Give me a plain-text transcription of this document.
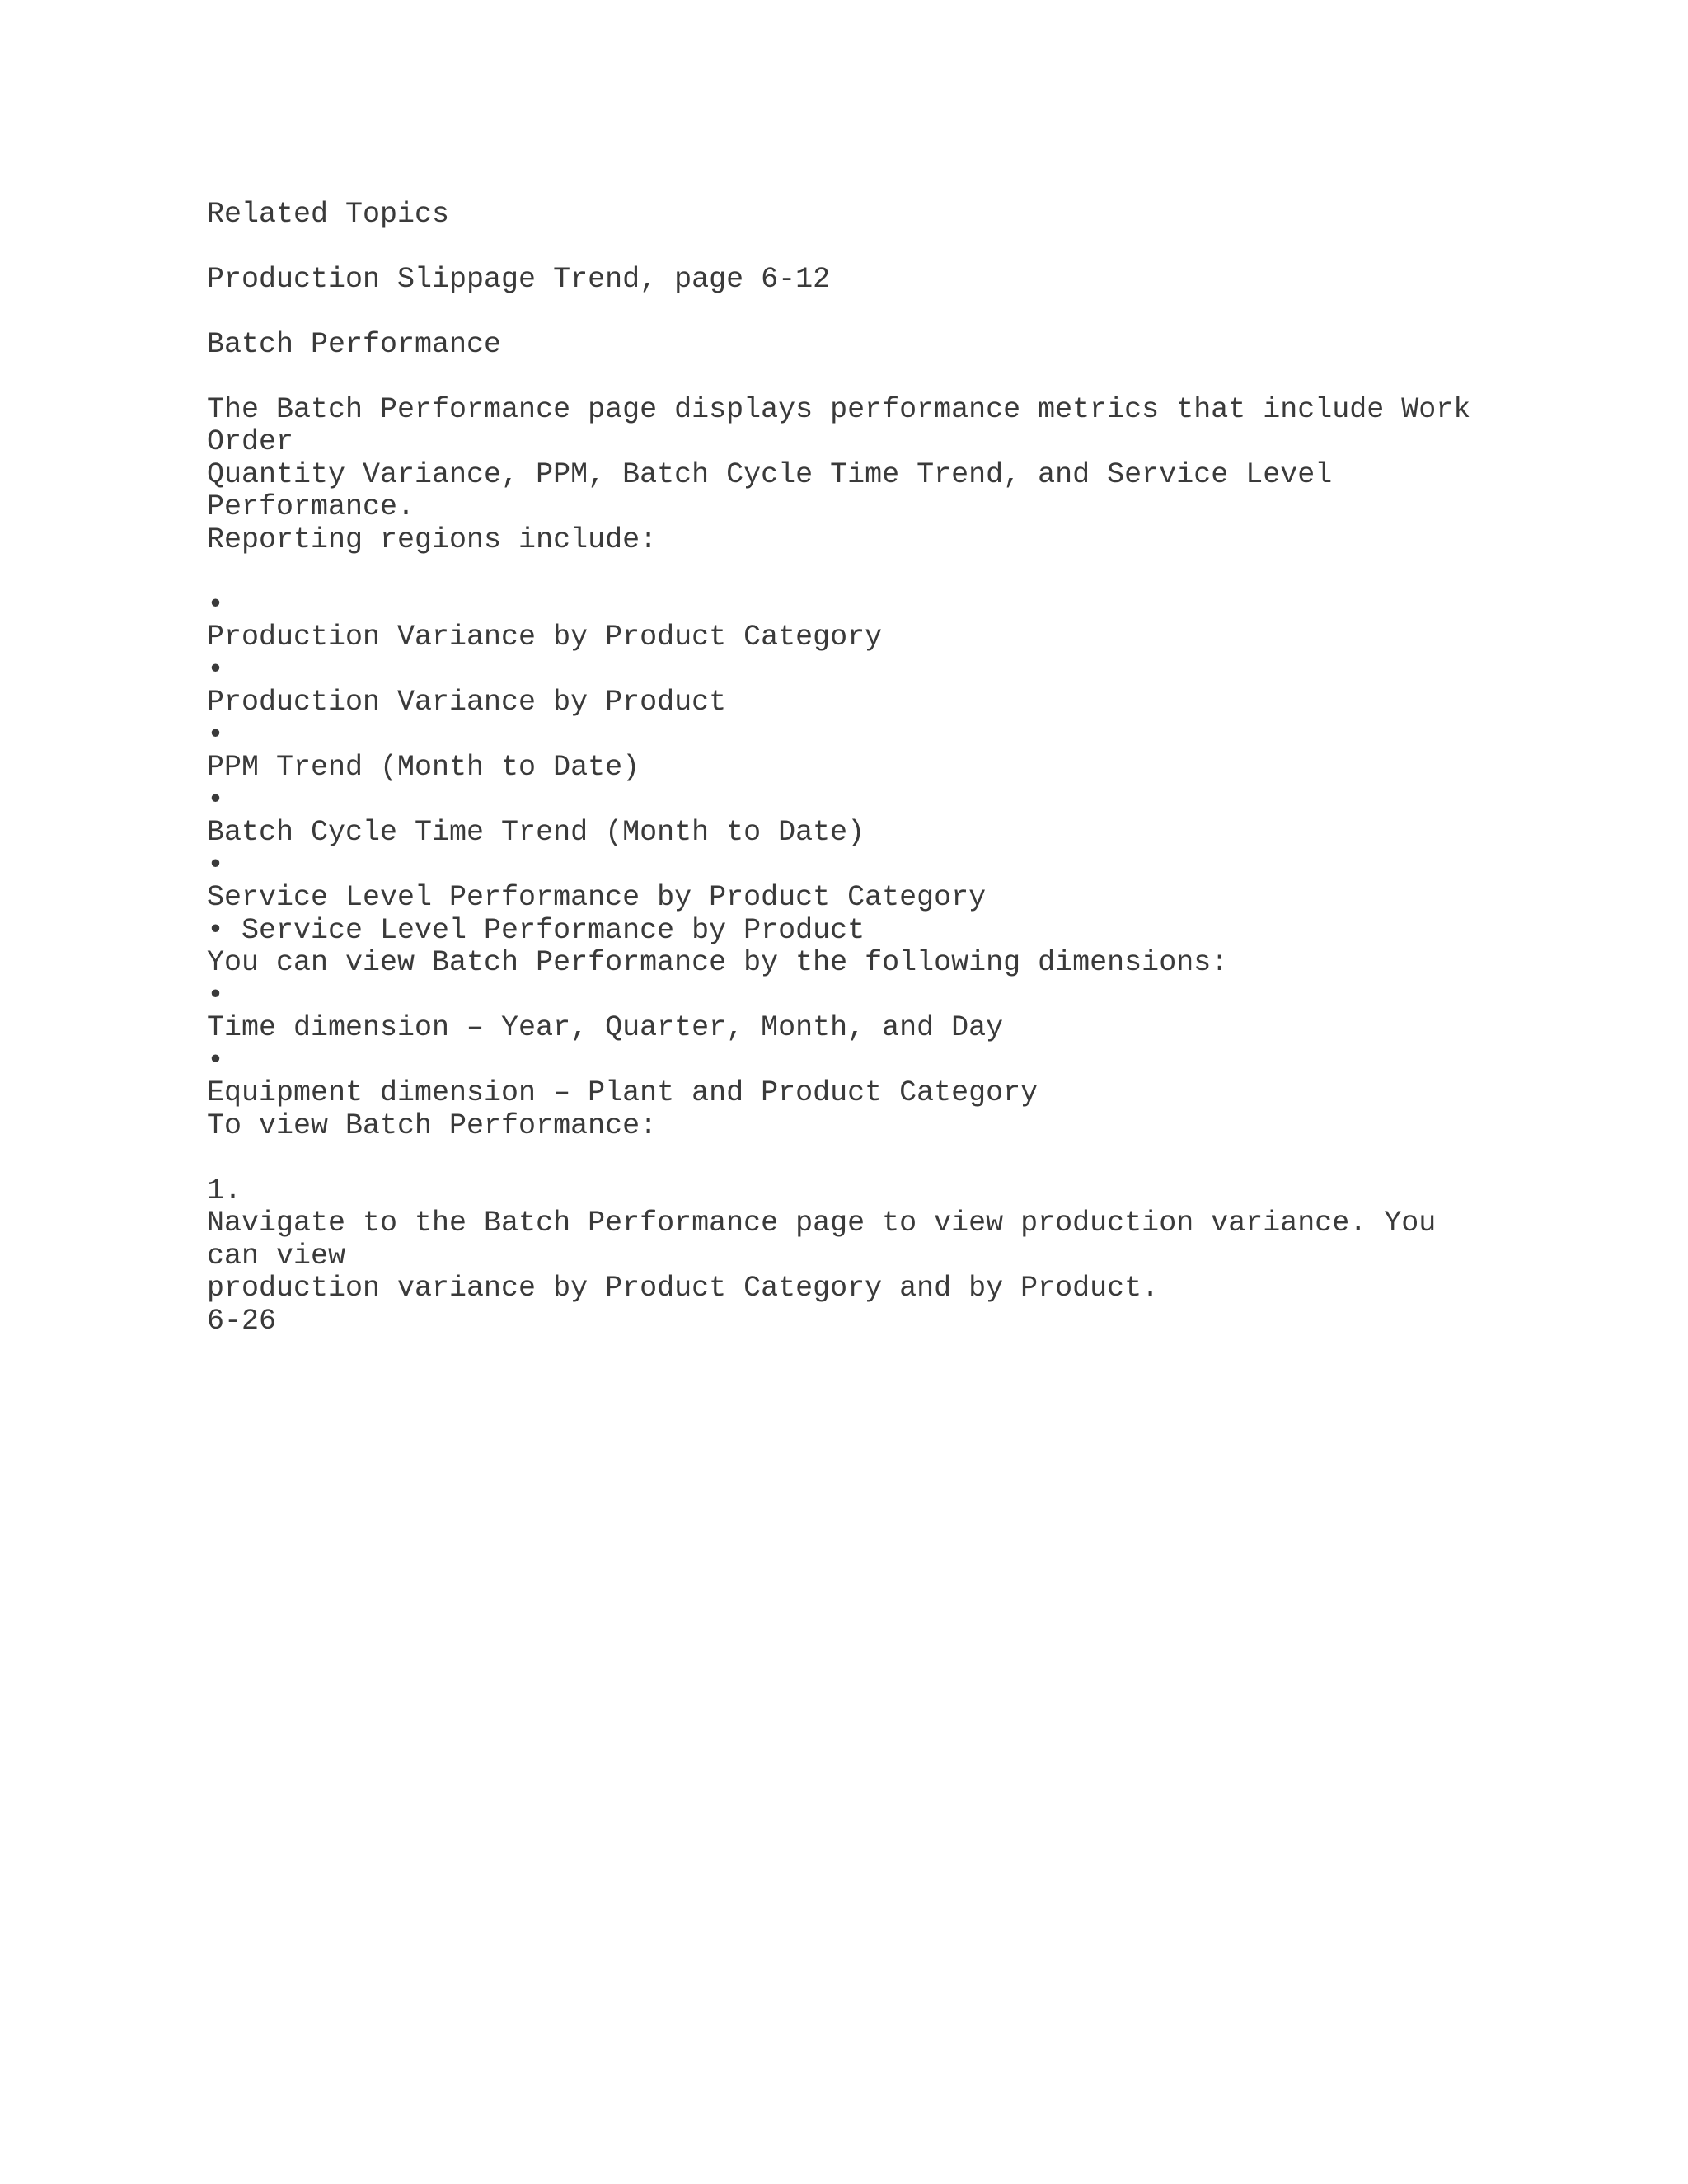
Related Topics

Production Slippage Trend, page 6-12

Batch Performance

The Batch Performance page displays performance metrics that include Work

Order

Quantity Variance, PPM, Batch Cycle Time Trend, and Service Level

Performance.

Reporting regions include:

•

Production Variance by Product Category

•

Production Variance by Product

•

PPM Trend (Month to Date)

•

Batch Cycle Time Trend (Month to Date)

•

Service Level Performance by Product Category

• Service Level Performance by Product

You can view Batch Performance by the following dimensions:

•

Time dimension – Year, Quarter, Month, and Day

•

Equipment dimension – Plant and Product Category

To view Batch Performance:

1.

Navigate to the Batch Performance page to view production variance. You

can view

production variance by Product Category and by Product.

6-26
